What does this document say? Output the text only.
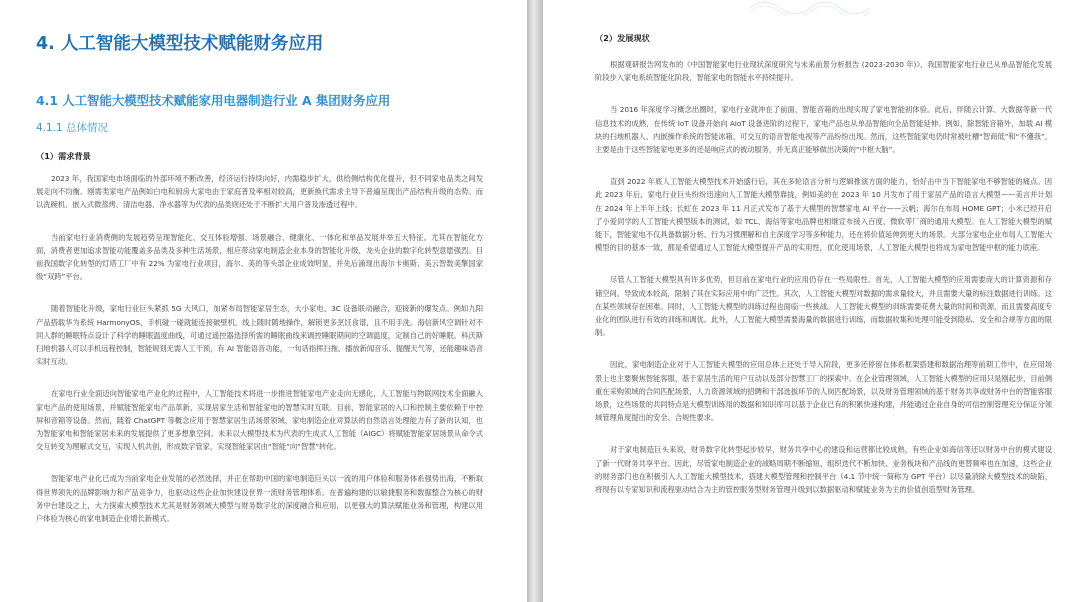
4. 人工智能大模型技术赋能财务应用
4.1 人工智能大模型技术赋能家用电器制造行业 A 集团财务应用
4.1.1 总体情况
（1）需求背景

2023 年，我国家电市场面临的外部环境不断改善，经济运行持续向好，内需稳步扩大，供给侧结构优化提升，但不同家电品类之间发展走向不均衡。刚需类家电产品例如白电和厨房大家电由于家庭普及率相对较高，更新换代需求主导下普遍呈现出产品结构升级的态势。而以洗碗机、嵌入式微蒸烤、清洁电器、净水器等为代表的品类则还处于不断扩大用户普及渗透过程中。

当前家电行业消费侧的发展趋势呈现智能化、交互体验增强、场景融合、健康化、一体化和单品发展并举五大特征。尤其在智能化方面，消费者更加追求智能功能覆盖多品类及多种生活场景，相应带动家电制造企业本身的智能化升级，龙头企业的数字化转型意愿强烈。目前我国数字化转型的灯塔工厂中有 22% 为家电行业项目，海尔、美的等头部企业成效明显，并先后涌现出海尔卡奥斯、美云智数美擎国家级“双跨”平台。

随着智能化升级，家电行业巨头紧抓 5G 大风口，加紧布局智能家居生态，大小家电、3C 设备联动融合，迎接新的爆发点。例如九阳产品搭载华为系统 HarmonyOS，手机碰一碰就能连接破壁机，线上随时随地操作，解锁更多烹饪食谱，且不用手洗。海信新风空调针对不同人群的睡眠特点设计了科学的睡眠温度曲线，可通过遥控器选择所需的睡眠曲线来调控睡眠期间的空调温度，定制自己的好睡眠。科沃斯扫地机器人可以手机远程控制，智能规划无需人工干预，有 AI 智能语音功能，一句话指挥扫拖、播放新闻音乐、提醒天气等，还能趣味语音实时互动。

在家电行业全面迈向智能家电产业化的过程中，人工智能技术将进一步推进智能家电产业走向无感化，人工智能与物联网技术全面融入家电产品的使用场景，并赋能智能家电产品革新，实现居家生活和智能家电的智慧实时互联。目前，智能家居的入口和控制主要依赖于中控屏和音箱等设备。然而，随着 ChatGPT 等概念应用于智慧家居生活场景领域，家电制造企业对算法的自然语言处理能力有了新的认知，也为智能家电和智能家居未来的发展提供了更多想象空间。未来以大模型技术为代表的生成式人工智能（AIGC）将赋能智能家居场景从命令式交互转变为理解式交互，实现人机共创，形成数字管家，实现智能家居由“智能”向“智慧”转化。

智能家电产业化已成为当前家电企业发展的必然选择，并正在帮助中国的家电制造巨头以一流的用户体验和服务体系强势出海，不断取得世界领先的品牌影响力和产品竞争力，也驱动这些企业加快建设世界一流财务管理体系。在普遍构建的以敏捷服务和数据整合为核心的财务中台建设之上，大力探索大模型技术尤其是财务领域大模型与财务数字化的深度融合和应用，以更强大的算法赋能业务和管理，构建以用户体验为核心的家电制造企业增长新模式。

（2）发展现状

根据观研报告网发布的《中国智能家电行业现状深度研究与未来前景分析报告 (2023-2030 年)》，我国智能家电行业已从单品智能化发展阶段步入家电系统智能化阶段，智能家电的智能水平持续提升。

当 2016 年深度学习概念出圈时，家电行业就冲在了前面，智能音箱的出现实现了家电智能初体验。此后，伴随云计算、大数据等新一代信息技术的成熟，在传统 IoT 设备开始向 AIoT 设备进阶的过程下，家电产品也从单品智能向全品智能延伸。例如，除智能音箱外，加载 AI 模块的扫地机器人、内嵌操作系统的智能冰箱、可交互的语音智能电视等产品纷纷出现。然而，这些智能家电仍时常被吐槽“智商低”和“不懂我”，主要是由于这些智能家电更多的还是响应式的被动服务，并无真正能够做出决策的“中枢大脑”。

直到 2022 年底人工智能大模型技术开始盛行后，其在多轮语言分析与逻辑推演方面的能力，恰好击中当下智能家电不够智能的痛点。因此 2023 年后，家电行业巨头纷纷迅速向人工智能大模型靠拢，例如美的在 2023 年 10 月发布了用于家居产品的语言大模型——美言并计划在 2024 年上半年上线；长虹在 2023 年 11 月正式发布了基于大模型的智慧家电 AI 平台——云帆；海尔在布局 HOME GPT；小米已经开启了小爱同学的人工智能大模型版本的测试，如 TCL、海信等家电品牌也相继宣布接入百度、微软等厂商的通用大模型。在人工智能大模型的赋能下，智能家电不仅具备数据分析、行为习惯理解和自主深度学习等多种能力，还在将价值延伸到更大的场景。大部分家电企业布局人工智能大模型的目的基本一致，都是希望通过人工智能大模型提升产品的实用性，优化使用场景，人工智能大模型也将成为家电智能中枢的能力底座。

尽管人工智能大模型具有许多优势，但目前在家电行业的应用仍存在一些局限性。首先，人工智能大模型的应用需要庞大的计算资源和存储空间，导致成本较高，限制了其在实际应用中的广泛性。其次，人工智能大模型对数据的需求量较大，并且需要大量的标注数据进行训练。这在某些领域存在困难。同时，人工智能大模型的训练过程也面临一些挑战。人工智能大模型的训练需要花费大量的时间和资源，而且需要高度专业化的团队进行有效的训练和调优。此外，人工智能大模型需要海量的数据进行训练，而数据收集和处理可能受到隐私、安全和合规等方面的限制。

因此，家电制造企业对于人工智能大模型的应用总体上还处于导入阶段，更多还停留在体系框架搭建和数据治理等前期工作中，在应用场景上也主要聚焦智能客服、基于家居生活的用户互动以及部分智慧工厂的探索中。在企业管理领域，人工智能大模型的应用只是刚起步，目前侧重在采购领域的合同匹配场景，人力资源领域的招聘和干部选拔环节的人岗匹配场景，以及财务管理领域的基于财务共享或财务中台的智能客服场景，这些场景的共同特点是大模型训练用的数据和知识库可以基于企业已有的积累快速构建，并能通过企业自身的可信控制管理充分保证分领域管理角度提出的安全、合规性要求。

对于家电制造巨头来说，财务数字化转型起步较早，财务共享中心的建设和运营都比较成熟，有些企业如海信等还以财务中台的模式建设了新一代财务共享平台。因此，尽管家电制造企业的战略周期不断缩短、组织迭代不断加快、业务板块和产品线的更替频率也在加速，这些企业的财务部门也在积极引入人工智能大模型技术，搭建大模型管理和控制平台（4.1 节中统一简称为 GPT 平台）以尽量消除大模型技术的缺陷，将现有以专家知识和流程驱动结合为主的管控服务型财务管理升级到以数据驱动和赋能业务为主的价值创造型财务管理。
